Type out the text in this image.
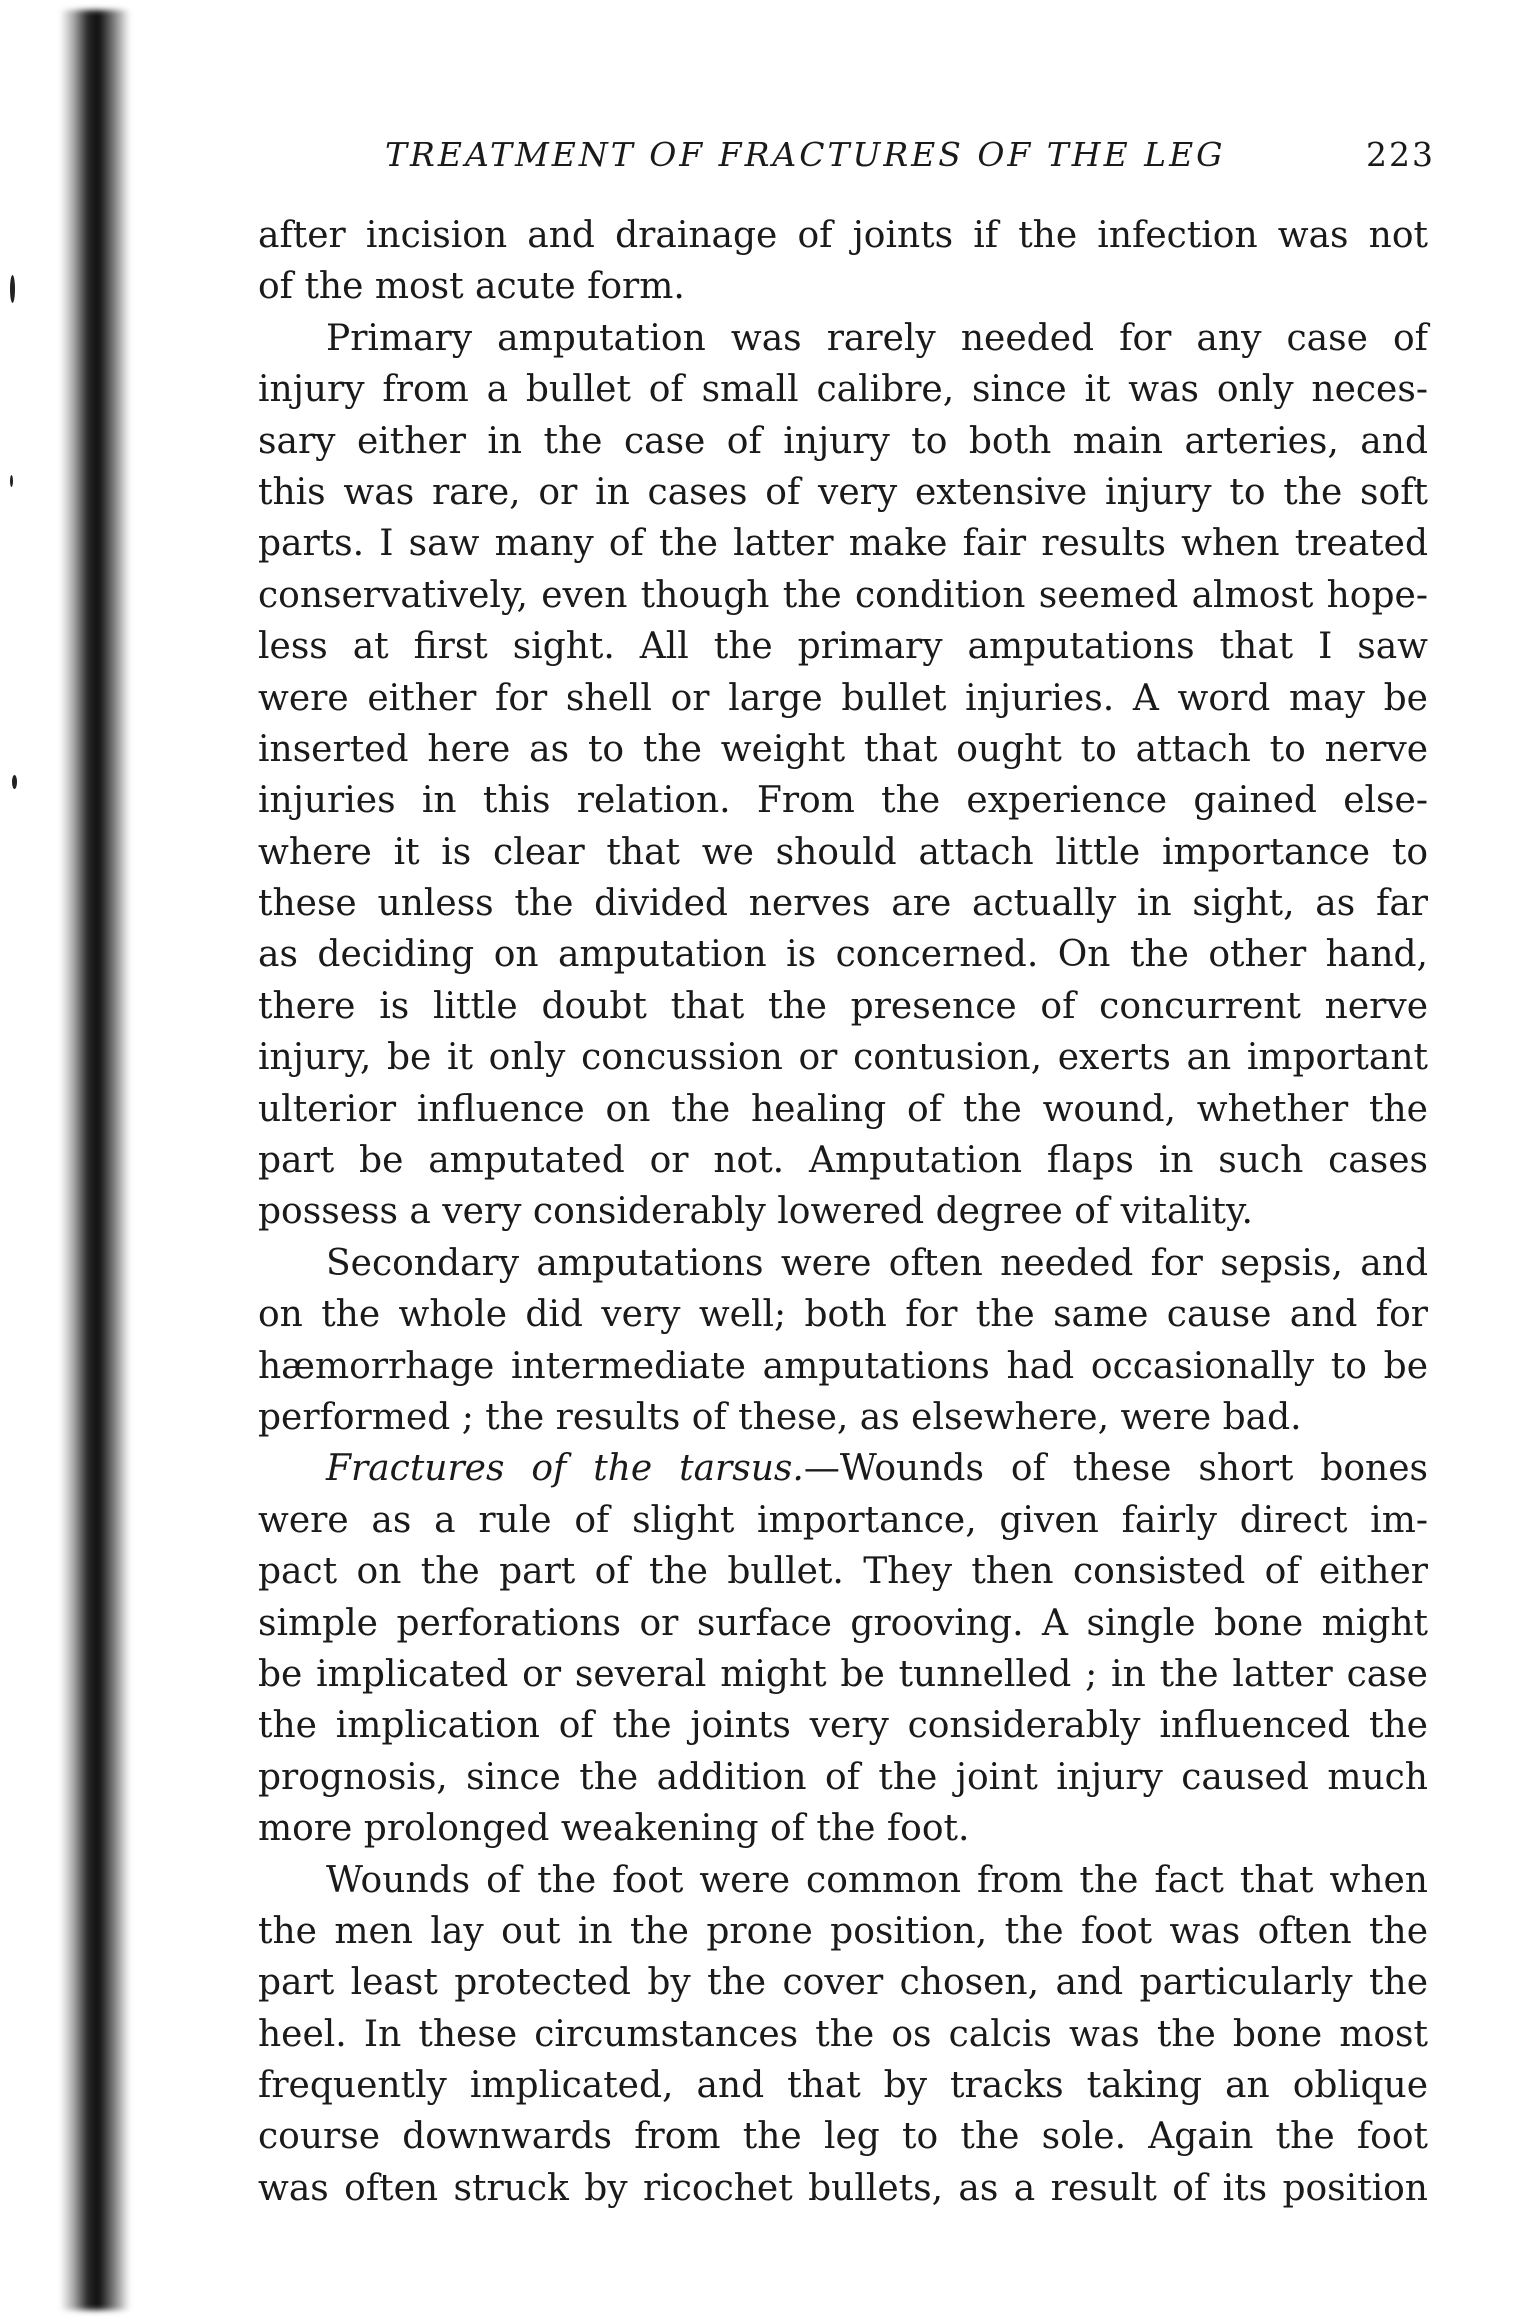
TREATMENT OF FRACTURES OF THE LEG	223
after incision and drainage of joints if the infection was not
of the most acute form.
Primary amputation was rarely needed for any case of
injury from a bullet of small calibre, since it was only neces-
sary either in the case of injury to both main arteries, and
this was rare, or in cases of very extensive injury to the soft
parts. I saw many of the latter make fair results when treated
conservatively, even though the condition seemed almost hope-
less at first sight. All the primary amputations that I saw
were either for shell or large bullet injuries. A word may be
inserted here as to the weight that ought to attach to nerve
injuries in this relation. From the experience gained else-
where it is clear that we should attach little importance to
these unless the divided nerves are actually in sight, as far
as deciding on amputation is concerned. On the other hand,
there is little doubt that the presence of concurrent nerve
injury, be it only concussion or contusion, exerts an important
ulterior influence on the healing of the wound, whether the
part be amputated or not. Amputation flaps in such cases
possess a very considerably lowered degree of vitality.
Secondary amputations were often needed for sepsis, and
on the whole did very well; both for the same cause and for
hæmorrhage intermediate amputations had occasionally to be
performed ; the results of these, as elsewhere, were bad.
Fractures of the tarsus.—Wounds of these short bones
were as a rule of slight importance, given fairly direct im-
pact on the part of the bullet. They then consisted of either
simple perforations or surface grooving. A single bone might
be implicated or several might be tunnelled ; in the latter case
the implication of the joints very considerably influenced the
prognosis, since the addition of the joint injury caused much
more prolonged weakening of the foot.
Wounds of the foot were common from the fact that when
the men lay out in the prone position, the foot was often the
part least protected by the cover chosen, and particularly the
heel. In these circumstances the os calcis was the bone most
frequently implicated, and that by tracks taking an oblique
course downwards from the leg to the sole. Again the foot
was often struck by ricochet bullets, as a result of its position
